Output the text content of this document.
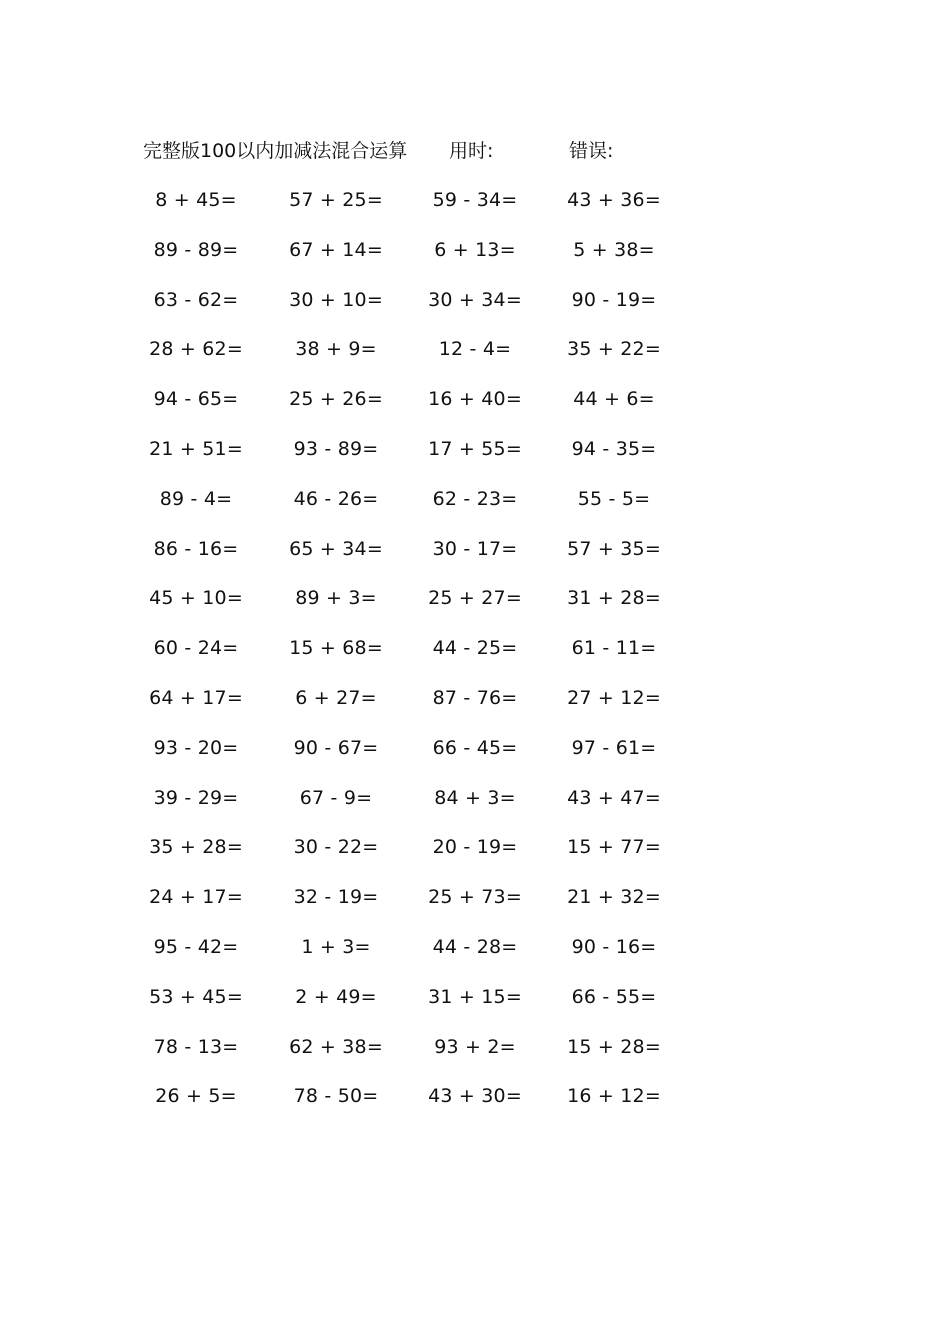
完整版100以内加减法混合运算 用时:	错误:
8 + 45=	57 + 25=	59 - 34=	43 + 36=
89 - 89=	67 + 14=	6 + 13=	5 + 38=
63 - 62=	30 + 10= 30 + 34=	90 - 19=
28 + 62=	38 + 9=	12 - 4=	35 + 22=
94 - 65=	25 + 26= 16 + 40=	44 + 6=
21 + 51=	93 - 89=	17 + 55=	94 - 35=
89 - 4=	46 - 26=	62 - 23=	55 - 5=
86 - 16=	65 + 34=	30 - 17=	57 + 35=
45 + 10=	89 + 3=	25 + 27= 31 + 28=
60 - 24=	15 + 68=	44 - 25=	61 - 11=
64 + 17=	6 + 27=	87 - 76=	27 + 12=
93 - 20=	90 - 67=	66 - 45=	97 - 61=
39 - 29=	67 - 9=	84 + 3=	43 + 47=
35 + 28=	30 - 22=	20 - 19=	15 + 77=
24 + 17=	32 - 19=	25 + 73= 21 + 32=
95 - 42=	1 + 3=	44 - 28=	90 - 16=
53 + 45=	2 + 49=	31 + 15=	66 - 55=
78 - 13=	62 + 38=	93 + 2=	15 + 28=
26 + 5=	78 - 50=	43 + 30= 16 + 12=
